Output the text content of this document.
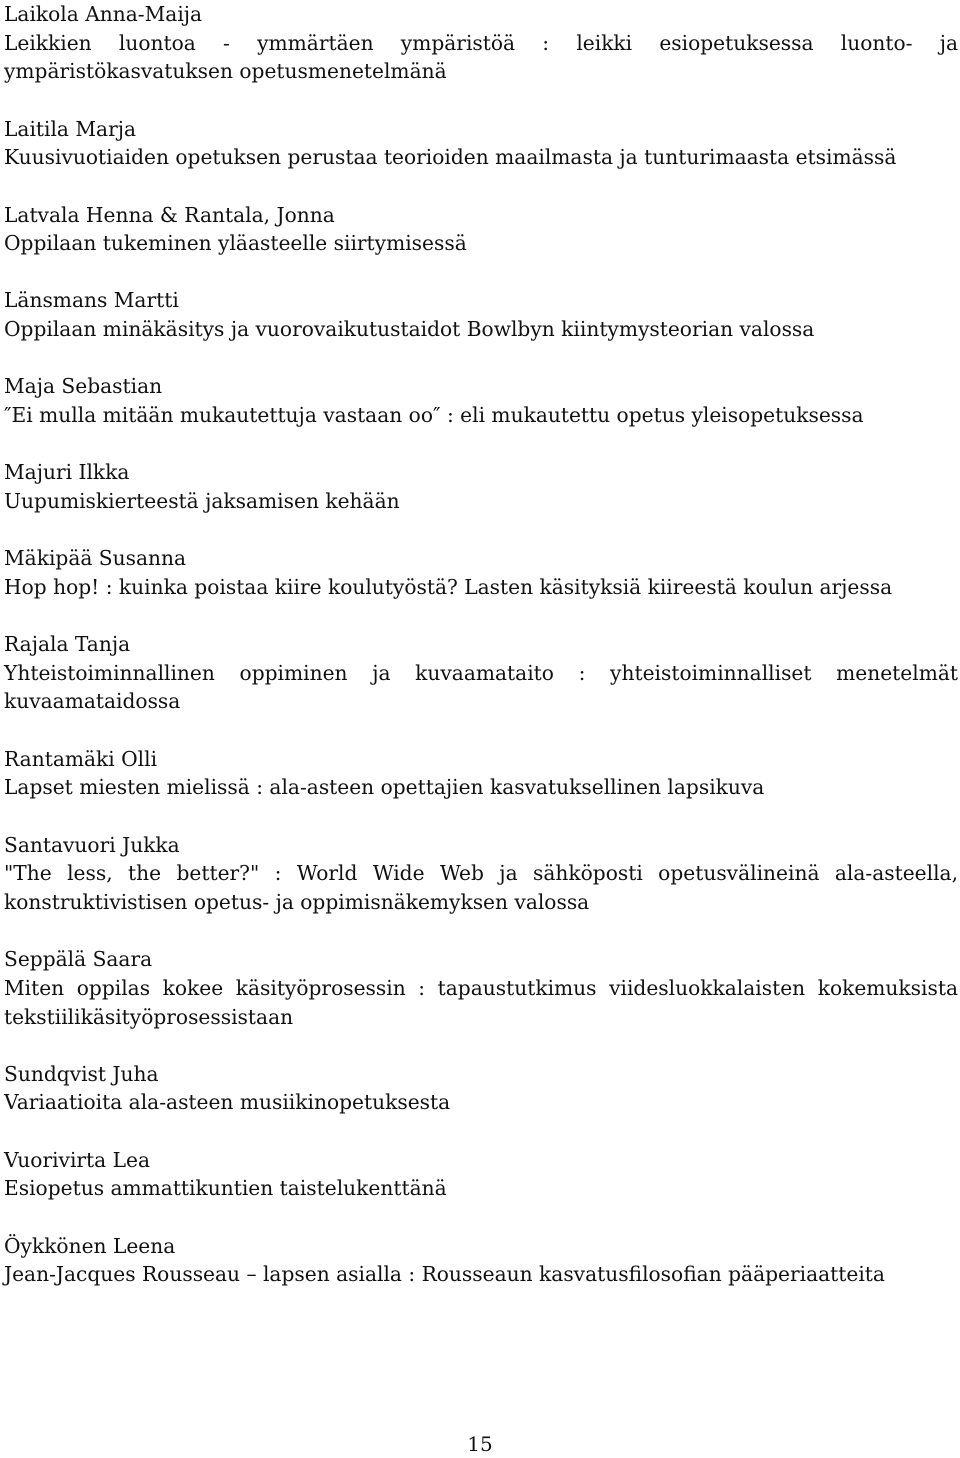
Laikola Anna-Maija
Leikkien luontoa - ymmärtäen ympäristöä : leikki esiopetuksessa luonto- ja ympäristökasvatuksen opetusmenetelmänä
Laitila Marja
Kuusivuotiaiden opetuksen perustaa teorioiden maailmasta ja tunturimaasta etsimässä
Latvala Henna & Rantala, Jonna
Oppilaan tukeminen yläasteelle siirtymisessä
Länsmans Martti
Oppilaan minäkäsitys ja vuorovaikutustaidot Bowlbyn kiintymysteorian valossa
Maja Sebastian
″Ei mulla mitään mukautettuja vastaan oo″ : eli mukautettu opetus yleisopetuksessa
Majuri Ilkka
Uupumiskierteestä jaksamisen kehään
Mäkipää Susanna
Hop hop! : kuinka poistaa kiire koulutyöstä? Lasten käsityksiä kiireestä koulun arjessa
Rajala Tanja
Yhteistoiminnallinen oppiminen ja kuvaamataito : yhteistoiminnalliset menetelmät kuvaamataidossa
Rantamäki Olli
Lapset miesten mielissä : ala-asteen opettajien kasvatuksellinen lapsikuva
Santavuori Jukka
"The less, the better?" : World Wide Web ja sähköposti opetusvälineinä ala-asteella, konstruktivistisen opetus- ja oppimisnäkemyksen valossa
Seppälä Saara
Miten oppilas kokee käsityöprosessin : tapaustutkimus viidesluokkalaisten kokemuksista tekstiilikäsityöprosessistaan
Sundqvist Juha
Variaatioita ala-asteen musiikinopetuksesta
Vuorivirta Lea
Esiopetus ammattikuntien taistelukenttänä
Öykkönen Leena
Jean-Jacques Rousseau – lapsen asialla : Rousseaun kasvatusfilosofian pääperiaatteita
15
